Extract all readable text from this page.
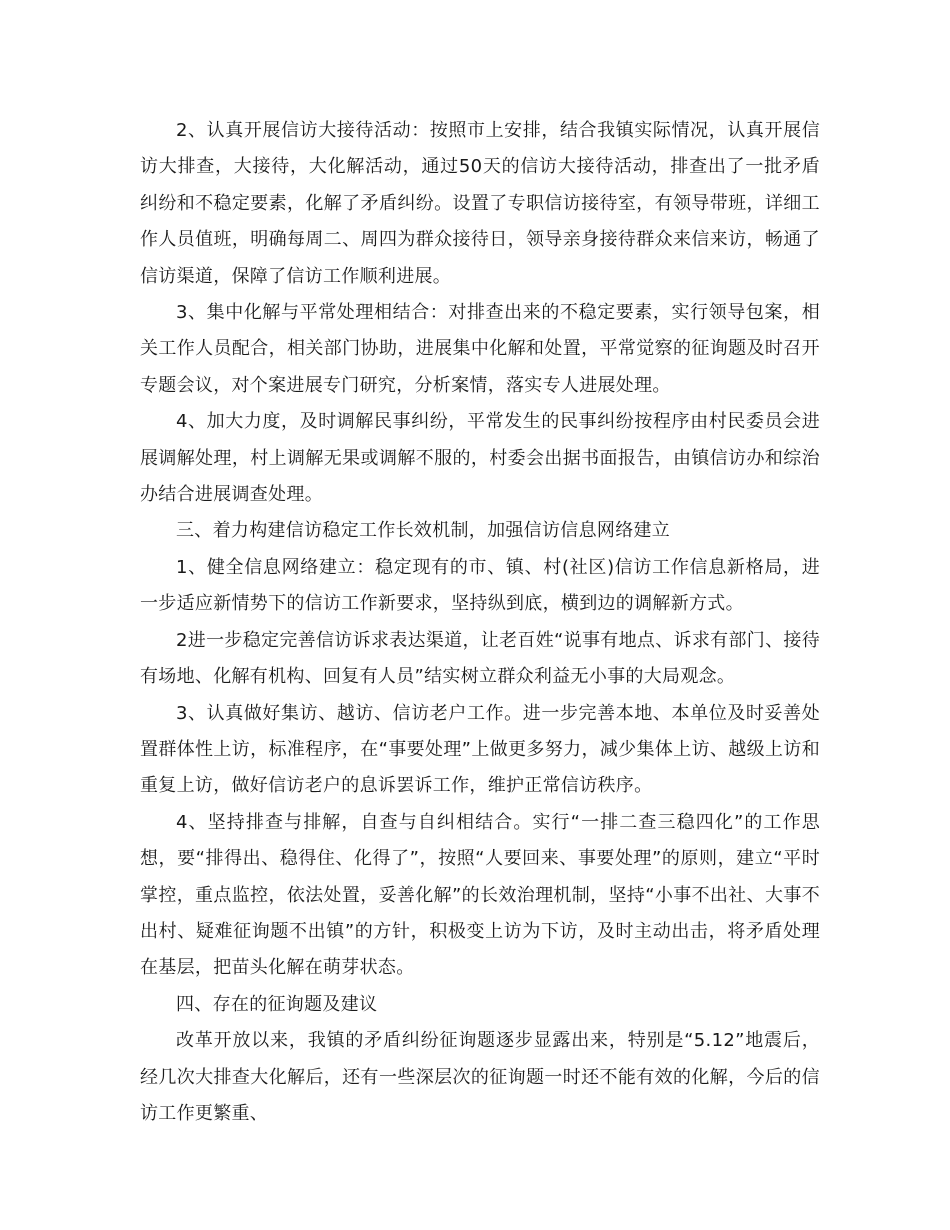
2、认真开展信访大接待活动：按照市上安排，结合我镇实际情况，认真开展信访大排查，大接待，大化解活动，通过50天的信访大接待活动，排查出了一批矛盾纠纷和不稳定要素，化解了矛盾纠纷。设置了专职信访接待室，有领导带班，详细工作人员值班，明确每周二、周四为群众接待日，领导亲身接待群众来信来访，畅通了信访渠道，保障了信访工作顺利进展。

3、集中化解与平常处理相结合：对排查出来的不稳定要素，实行领导包案，相关工作人员配合，相关部门协助，进展集中化解和处置，平常觉察的征询题及时召开专题会议，对个案进展专门研究，分析案情，落实专人进展处理。

4、加大力度，及时调解民事纠纷，平常发生的民事纠纷按程序由村民委员会进展调解处理，村上调解无果或调解不服的，村委会出据书面报告，由镇信访办和综治办结合进展调查处理。

三、着力构建信访稳定工作长效机制，加强信访信息网络建立

1、健全信息网络建立：稳定现有的市、镇、村(社区)信访工作信息新格局，进一步适应新情势下的信访工作新要求，坚持纵到底，横到边的调解新方式。

2进一步稳定完善信访诉求表达渠道，让老百姓“说事有地点、诉求有部门、接待有场地、化解有机构、回复有人员”结实树立群众利益无小事的大局观念。

3、认真做好集访、越访、信访老户工作。进一步完善本地、本单位及时妥善处置群体性上访，标准程序，在“事要处理”上做更多努力，减少集体上访、越级上访和重复上访，做好信访老户的息诉罢诉工作，维护正常信访秩序。

4、坚持排查与排解，自查与自纠相结合。实行“一排二查三稳四化”的工作思想，要“排得出、稳得住、化得了”，按照“人要回来、事要处理”的原则，建立“平时掌控，重点监控，依法处置，妥善化解”的长效治理机制，坚持“小事不出社、大事不出村、疑难征询题不出镇”的方针，积极变上访为下访，及时主动出击，将矛盾处理在基层，把苗头化解在萌芽状态。

四、存在的征询题及建议

改革开放以来，我镇的矛盾纠纷征询题逐步显露出来，特别是“5.12”地震后，经几次大排查大化解后，还有一些深层次的征询题一时还不能有效的化解，今后的信访工作更繁重、
